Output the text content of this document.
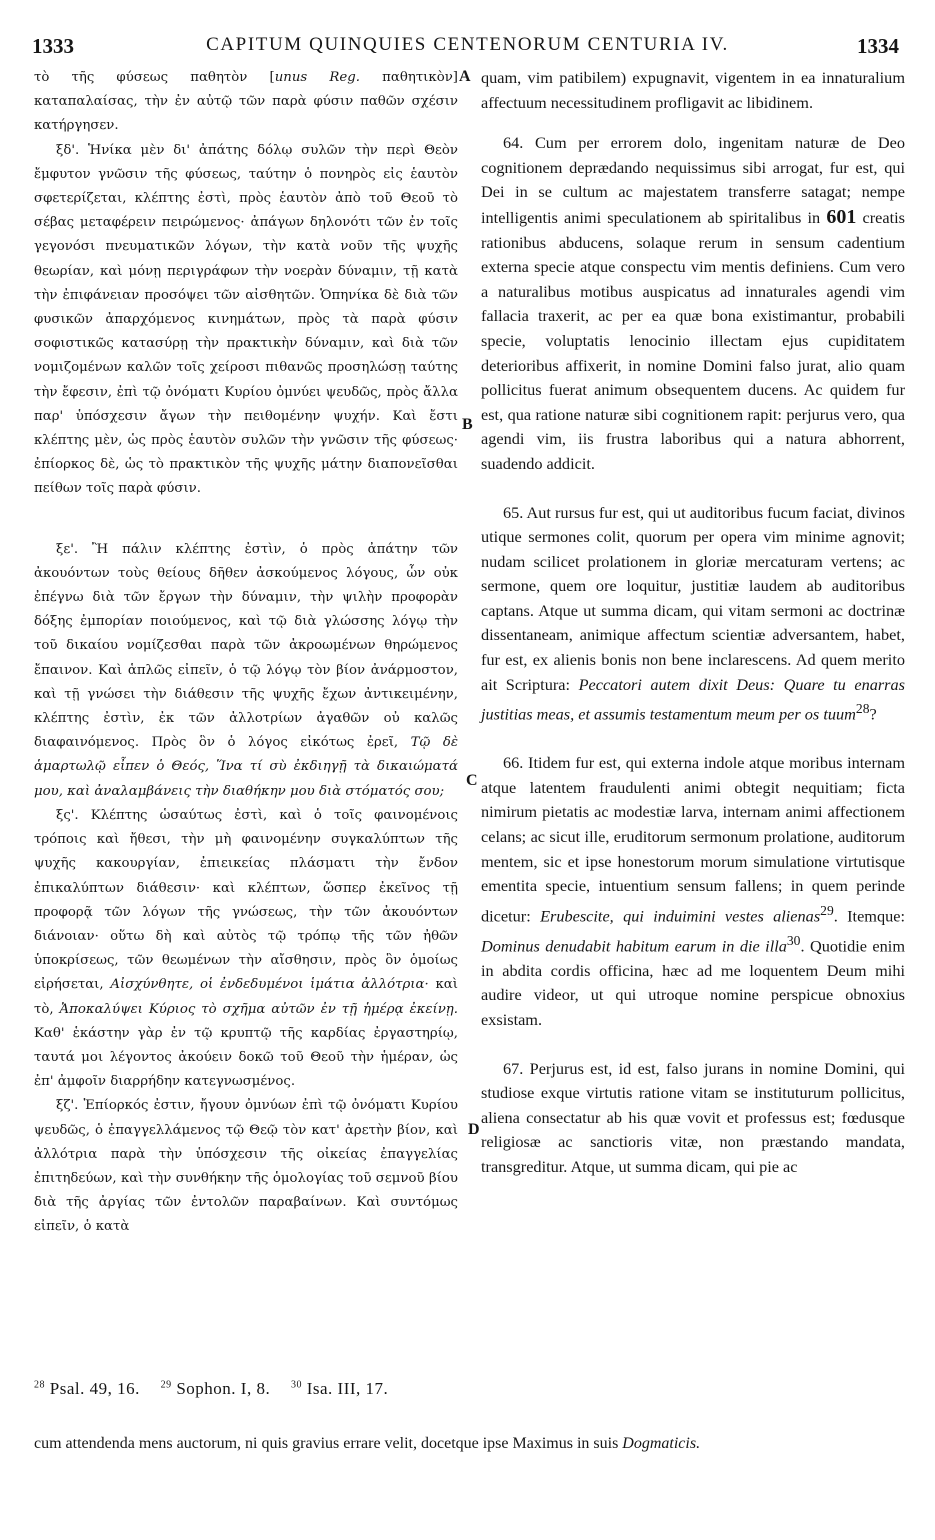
1333	CAPITUM QUINQUIES CENTENORUM CENTURIA IV.	1334
A
B
C
D

τὸ τῆς φύσεως παθητὸν [unus Reg. παθητικὸν] καταπαλαίσας, τὴν ἐν αὐτῷ τῶν παρὰ φύσιν παθῶν σχέσιν κατήργησεν.

ξδ'. Ἡνίκα μὲν δι' ἀπάτης δόλῳ συλῶν τὴν περὶ Θεὸν ἔμφυτον γνῶσιν τῆς φύσεως, ταύτην ὁ πονηρὸς εἰς ἑαυτὸν σφετερίζεται, κλέπτης ἐστὶ, πρὸς ἑαυτὸν ἀπὸ τοῦ Θεοῦ τὸ σέβας μεταφέρειν πειρώμενος· ἀπάγων δηλονότι τῶν ἐν τοῖς γεγονόσι πνευματικῶν λόγων, τὴν κατὰ νοῦν τῆς ψυχῆς θεωρίαν, καὶ μόνῃ περιγράφων τὴν νοερὰν δύναμιν, τῇ κατὰ τὴν ἐπιφάνειαν προσόψει τῶν αἰσθητῶν. Ὁπηνίκα δὲ διὰ τῶν φυσικῶν ἀπαρχόμενος κινημάτων, πρὸς τὰ παρὰ φύσιν σοφιστικῶς κατασύρῃ τὴν πρακτικὴν δύναμιν, καὶ διὰ τῶν νομιζομένων καλῶν τοῖς χείροσι πιθανῶς προσηλώσῃ ταύτης τὴν ἔφεσιν, ἐπὶ τῷ ὀνόματι Κυρίου ὀμνύει ψευδῶς, πρὸς ἄλλα παρ' ὑπόσχεσιν ἄγων τὴν πειθομένην ψυχήν. Καὶ ἔστι κλέπτης μὲν, ὡς πρὸς ἑαυτὸν συλῶν τὴν γνῶσιν τῆς φύσεως· ἐπίορκος δὲ, ὡς τὸ πρακτικὸν τῆς ψυχῆς μάτην διαπονεῖσθαι πείθων τοῖς παρὰ φύσιν.

ξε'. Ἢ πάλιν κλέπτης ἐστὶν, ὁ πρὸς ἀπάτην τῶν ἀκουόντων τοὺς θείους δῆθεν ἀσκούμενος λόγους, ὧν οὐκ ἐπέγνω διὰ τῶν ἔργων τὴν δύναμιν, τὴν ψιλὴν προφορὰν δόξης ἐμπορίαν ποιούμενος, καὶ τῷ διὰ γλώσσης λόγῳ τὴν τοῦ δικαίου νομίζεσθαι παρὰ τῶν ἀκροωμένων θηρώμενος ἔπαινον. Καὶ ἁπλῶς εἰπεῖν, ὁ τῷ λόγῳ τὸν βίον ἀνάρμοστον, καὶ τῇ γνώσει τὴν διάθεσιν τῆς ψυχῆς ἔχων ἀντικειμένην, κλέπτης ἐστὶν, ἐκ τῶν ἀλλοτρίων ἀγαθῶν οὐ καλῶς διαφαινόμενος. Πρὸς ὃν ὁ λόγος εἰκότως ἐρεῖ, Τῷ δὲ ἁμαρτωλῷ εἶπεν ὁ Θεός, Ἵνα τί σὺ ἐκδιηγῇ τὰ δικαιώματά μου, καὶ ἀναλαμβάνεις τὴν διαθήκην μου διὰ στόματός σου;

ξς'. Κλέπτης ὡσαύτως ἐστὶ, καὶ ὁ τοῖς φαινομένοις τρόποις καὶ ἤθεσι, τὴν μὴ φαινομένην συγκαλύπτων τῆς ψυχῆς κακουργίαν, ἐπιεικείας πλάσματι τὴν ἔνδον ἐπικαλύπτων διάθεσιν· καὶ κλέπτων, ὥσπερ ἐκεῖνος τῇ προφορᾷ τῶν λόγων τῆς γνώσεως, τὴν τῶν ἀκουόντων διάνοιαν· οὕτω δὴ καὶ αὐτὸς τῷ τρόπῳ τῆς τῶν ἠθῶν ὑποκρίσεως, τῶν θεωμένων τὴν αἴσθησιν, πρὸς ὃν ὁμοίως εἰρήσεται, Αἰσχύνθητε, οἱ ἐνδεδυμένοι ἱμάτια ἀλλότρια· καὶ τὸ, Ἀποκαλύψει Κύριος τὸ σχῆμα αὐτῶν ἐν τῇ ἡμέρᾳ ἐκείνῃ. Καθ' ἑκάστην γὰρ ἐν τῷ κρυπτῷ τῆς καρδίας ἐργαστηρίῳ, ταυτά μοι λέγοντος ἀκούειν δοκῶ τοῦ Θεοῦ τὴν ἡμέραν, ὡς ἐπ' ἀμφοῖν διαρρήδην κατεγνωσμένος.

ξζ'. Ἐπίορκός ἐστιν, ἤγουν ὀμνύων ἐπὶ τῷ ὀνόματι Κυρίου ψευδῶς, ὁ ἐπαγγελλάμενος τῷ Θεῷ τὸν κατ' ἀρετὴν βίον, καὶ ἀλλότρια παρὰ τὴν ὑπόσχεσιν τῆς οἰκείας ἐπαγγελίας ἐπιτηδεύων, καὶ τὴν συνθήκην τῆς ὁμολογίας τοῦ σεμνοῦ βίου διὰ τῆς ἀργίας τῶν ἐντολῶν παραβαίνων. Καὶ συντόμως εἰπεῖν, ὁ κατὰ

quam, vim patibilem) expugnavit, vigentem in ea innaturalium affectuum necessitudinem profligavit ac libidinem.

64. Cum per errorem dolo, ingenitam naturæ de Deo cognitionem deprædando nequissimus sibi arrogat, fur est, qui Dei in se cultum ac majestatem transferre satagat; nempe intelligentis animi speculationem ab spiritalibus in 601 creatis rationibus abducens, solaque rerum in sensum cadentium externa specie atque conspectu vim mentis definiens. Cum vero a naturalibus motibus auspicatus ad innaturales agendi vim fallacia traxerit, ac per ea quæ bona existimantur, probabili specie, voluptatis lenocinio illectam ejus cupiditatem deterioribus affixerit, in nomine Domini falso jurat, alio quam pollicitus fuerat animum obsequentem ducens. Ac quidem fur est, qua ratione naturæ sibi cognitionem rapit: perjurus vero, qua agendi vim, iis frustra laboribus qui a natura abhorrent, suadendo addicit.

65. Aut rursus fur est, qui ut auditoribus fucum faciat, divinos utique sermones colit, quorum per opera vim minime agnovit; nudam scilicet prolationem in gloriæ mercaturam vertens; ac sermone, quem ore loquitur, justitiæ laudem ab auditoribus captans. Atque ut summa dicam, qui vitam sermoni ac doctrinæ dissentaneam, animique affectum scientiæ adversantem, habet, fur est, ex alienis bonis non bene inclarescens. Ad quem merito ait Scriptura: Peccatori autem dixit Deus: Quare tu enarras justitias meas, et assumis testamentum meum per os tuum$^{28}$?

66. Itidem fur est, qui externa indole atque moribus internam atque latentem fraudulenti animi obtegit nequitiam; ficta nimirum pietatis ac modestiæ larva, internam animi affectionem celans; ac sicut ille, eruditorum sermonum prolatione, auditorum mentem, sic et ipse honestorum morum simulatione virtutisque ementita specie, intuentium sensum fallens; in quem perinde dicetur: Erubescite, qui induimini vestes alienas$^{29}$. Itemque: Dominus denudabit habitum earum in die illa$^{30}$. Quotidie enim in abdita cordis officina, hæc ad me loquentem Deum mihi audire videor, ut qui utroque nomine perspicue obnoxius exsistam.

67. Perjurus est, id est, falso jurans in nomine Domini, qui studiose exque virtutis ratione vitam se instituturum pollicitus, aliena consectatur ab his quæ vovit et professus est; fœdusque religiosæ ac sanctioris vitæ, non præstando mandata, transgreditur. Atque, ut summa dicam, qui pie ac

$^{28}$ Psal. 49, 16. $^{29}$ Sophon. I, 8. $^{30}$ Isa. III, 17.
cum attendenda mens auctorum, ni quis gravius errare velit, docetque ipse Maximus in suis Dogmaticis.
